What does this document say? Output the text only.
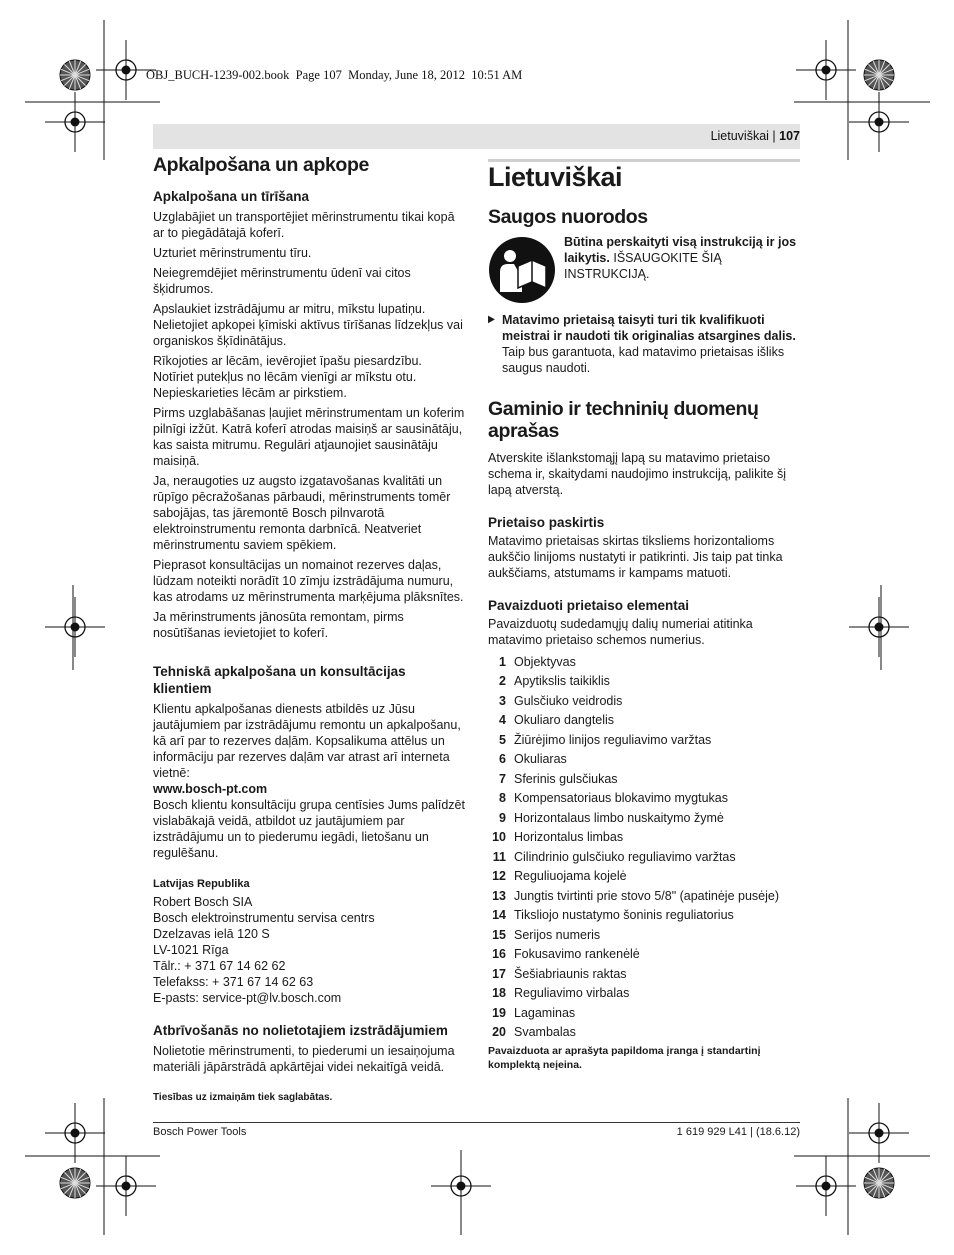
OBJ_BUCH-1239-002.book  Page 107  Monday, June 18, 2012  10:51 AM
Lietuviškai | 107
Apkalpošana un apkope
Apkalpošana un tīrīšana

Uzglabājiet un transportējiet mērinstrumentu tikai kopā ar to piegādātajā koferī.

Uzturiet mērinstrumentu tīru.

Neiegremdējiet mērinstrumentu ūdenī vai citos šķidrumos.

Apslaukiet izstrādājumu ar mitru, mīkstu lupatiņu. Nelietojiet apkopei ķīmiski aktīvus tīrīšanas līdzekļus vai organiskos šķīdinātājus.

Rīkojoties ar lēcām, ievērojiet īpašu piesardzību. Notīriet putekļus no lēcām vienīgi ar mīkstu otu. Nepieskarieties lēcām ar pirkstiem.

Pirms uzglabāšanas ļaujiet mērinstrumentam un koferim pilnīgi izžūt. Katrā koferī atrodas maisiņš ar sausinātāju, kas saista mitrumu. Regulāri atjaunojiet sausinātāju maisiņā.

Ja, neraugoties uz augsto izgatavošanas kvalitāti un rūpīgo pēcražošanas pārbaudi, mērinstruments tomēr sabojājas, tas jāremontē Bosch pilnvarotā elektroinstrumentu remonta darbnīcā. Neatveriet mērinstrumentu saviem spēkiem.

Pieprasot konsultācijas un nomainot rezerves daļas, lūdzam noteikti norādīt 10 zīmju izstrādājuma numuru, kas atrodams uz mērinstrumenta marķējuma plāksnītes.

Ja mērinstruments jānosūta remontam, pirms nosūtīšanas ievietojiet to koferī.

Tehniskā apkalpošana un konsultācijas klientiem
Klientu apkalpošanas dienests atbildēs uz Jūsu jautājumiem par izstrādājumu remontu un apkalpošanu, kā arī par to rezerves daļām. Kopsalikuma attēlus un informāciju par rezerves daļām var atrast arī interneta vietnē:
www.bosch-pt.com

Bosch klientu konsultāciju grupa centīsies Jums palīdzēt vislabākajā veidā, atbildot uz jautājumiem par izstrādājumu un to piederumu iegādi, lietošanu un regulēšanu.

Latvijas Republika
Robert Bosch SIA
Bosch elektroinstrumentu servisa centrs
Dzelzavas ielā 120 S
LV-1021 Rīga
Tālr.: + 371 67 14 62 62
Telefakss: + 371 67 14 62 63
E-pasts: service-pt@lv.bosch.com
Atbrīvošanās no nolietotajiem izstrādājumiem

Nolietotie mērinstrumenti, to piederumi un iesaiņojuma materiāli jāpārstrādā apkārtējai videi nekaitīgā veidā.

Tiesības uz izmaiņām tiek saglabātas.
Lietuviškai
Saugos nuorodos
Būtina perskaityti visą instrukciją ir jos laikytis. IŠSAUGOKITE ŠIĄ INSTRUKCIJĄ.
▶ Matavimo prietaisą taisyti turi tik kvalifikuoti meistrai ir naudoti tik originalias atsargines dalis. Taip bus garantuota, kad matavimo prietaisas išliks saugus naudoti.
Gaminio ir techninių duomenų aprašas

Atverskite išlankstomąjį lapą su matavimo prietaiso schema ir, skaitydami naudojimo instrukciją, palikite šį lapą atverstą.

Prietaiso paskirtis

Matavimo prietaisas skirtas tiksliems horizontalioms aukščio linijoms nustatyti ir patikrinti. Jis taip pat tinka aukščiams, atstumams ir kampams matuoti.

Pavaizduoti prietaiso elementai

Pavaizduotų sudedamųjų dalių numeriai atitinka matavimo prietaiso schemos numerius.

1 Objektyvas
2 Apytikslis taikiklis
3 Gulsčiuko veidrodis
4 Okuliaro dangtelis
5 Žiūrėjimo linijos reguliavimo varžtas
6 Okuliaras
7 Sferinis gulsčiukas
8 Kompensatoriaus blokavimo mygtukas
9 Horizontalaus limbo nuskaitymo žymė
10 Horizontalus limbas
11 Cilindrinio gulsčiuko reguliavimo varžtas
12 Reguliuojama kojelė
13 Jungtis tvirtinti prie stovo 5/8" (apatinėje pusėje)
14 Tiksliojo nustatymo šoninis reguliatorius
15 Serijos numeris
16 Fokusavimo rankenėlė
17 Šešiabriaunis raktas
18 Reguliavimo virbalas
19 Lagaminas
20 Svambalas
Pavaizduota ar aprašyta papildoma įranga į standartinį komplektą neįeina.
Bosch Power Tools	1 619 929 L41 | (18.6.12)
